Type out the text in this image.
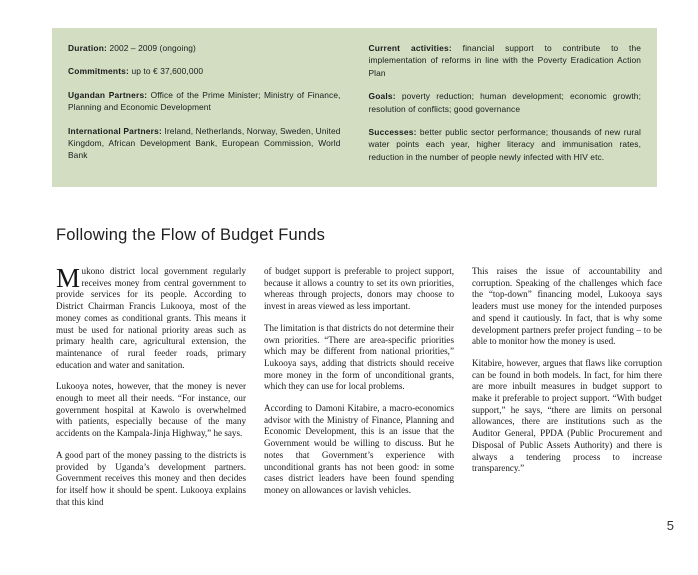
Duration: 2002 – 2009 (ongoing)
Commitments: up to € 37,600,000
Ugandan Partners: Office of the Prime Minister; Ministry of Finance, Planning and Economic Development
International Partners: Ireland, Netherlands, Norway, Sweden, United Kingdom, African Development Bank, European Commission, World Bank
Current activities: financial support to contribute to the implementation of reforms in line with the Poverty Eradication Action Plan
Goals: poverty reduction; human development; economic growth; resolution of conflicts; good governance
Successes: better public sector performance; thousands of new rural water points each year, higher literacy and immunisation rates, reduction in the number of people newly infected with HIV etc.
Following the Flow of Budget Funds

Mukono district local government regularly receives money from central government to provide services for its people. According to District Chairman Francis Lukooya, most of the money comes as conditional grants. This means it must be used for national priority areas such as primary health care, agricultural extension, the maintenance of rural feeder roads, primary education and water and sanitation.

Lukooya notes, however, that the money is never enough to meet all their needs. “For instance, our government hospital at Kawolo is overwhelmed with patients, especially because of the many accidents on the Kampala-Jinja Highway,” he says.

A good part of the money passing to the districts is provided by Uganda’s development partners. Government receives this money and then decides for itself how it should be spent. Lukooya explains that this kind

of budget support is preferable to project support, because it allows a country to set its own priorities, whereas through projects, donors may choose to invest in areas viewed as less important.

The limitation is that districts do not determine their own priorities. “There are area-specific priorities which may be different from national priorities,” Lukooya says, adding that districts should receive more money in the form of unconditional grants, which they can use for local problems.

According to Damoni Kitabire, a macro-economics advisor with the Ministry of Finance, Planning and Economic Development, this is an issue that the Government would be willing to discuss. But he notes that Government’s experience with unconditional grants has not been good: in some cases district leaders have been found spending money on allowances or lavish vehicles.

This raises the issue of accountability and corruption. Speaking of the challenges which face the “top-down” financing model, Lukooya says leaders must use money for the intended purposes and spend it cautiously. In fact, that is why some development partners prefer project funding – to be able to monitor how the money is used.

Kitabire, however, argues that flaws like corruption can be found in both models. In fact, for him there are more inbuilt measures in budget support to make it preferable to project support. “With budget support,” he says, “there are limits on personal allowances, there are institutions such as the Auditor General, PPDA (Public Procurement and Disposal of Public Assets Authority) and there is always a tendering process to increase transparency.”

5
